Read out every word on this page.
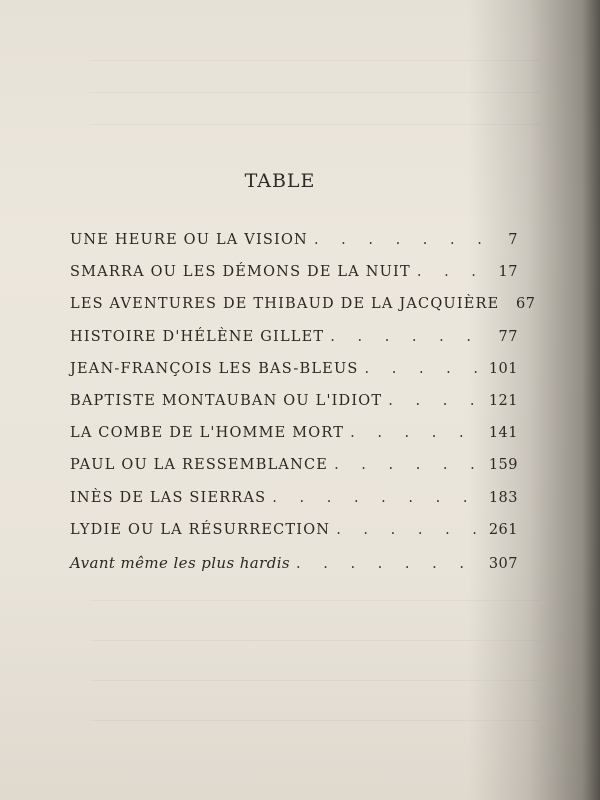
TABLE
UNE HEURE OU LA VISION . . .	7
SMARRA OU LES DÉMONS DE LA NUIT . . .	17
LES AVENTURES DE THIBAUD DE LA JACQUIÈRE	67
HISTOIRE D'HÉLÈNE GILLET . . .	77
JEAN-FRANÇOIS LES BAS-BLEUS . . .	101
BAPTISTE MONTAUBAN OU L'IDIOT . . .	121
LA COMBE DE L'HOMME MORT . . .	141
PAUL OU LA RESSEMBLANCE . . .	159
INÈS DE LAS SIERRAS . . .	183
LYDIE OU LA RÉSURRECTION . . .	261
Avant même les plus hardis . . .	307
